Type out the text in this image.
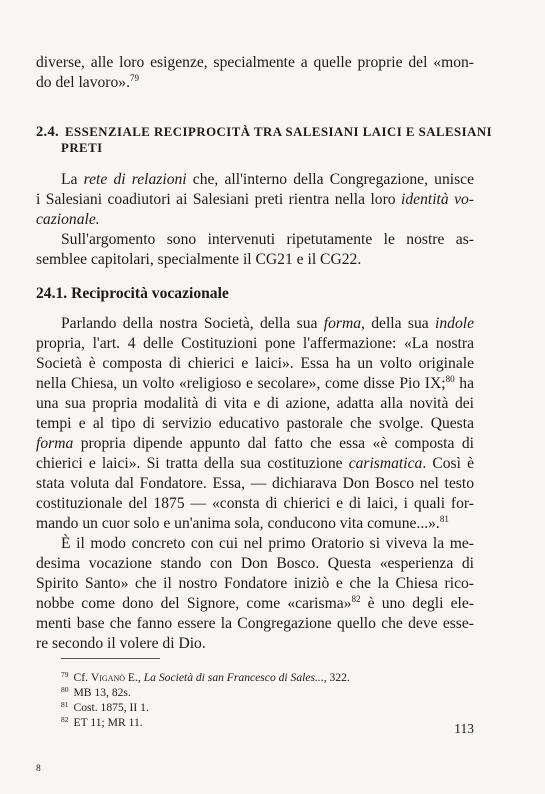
diverse, alle loro esigenze, specialmente a quelle proprie del «mon-
do del lavoro».$^{79}$
2.4. ESSENZIALE RECIPROCITÀ TRA SALESIANI LAICI E SALESIANI
PRETI
La rete di relazioni che, all'interno della Congregazione, unisce
i Salesiani coadiutori ai Salesiani preti rientra nella loro identità vo-
cazionale.
Sull'argomento sono intervenuti ripetutamente le nostre as-
semblee capitolari, specialmente il CG21 e il CG22.
24.1. Reciprocità vocazionale
Parlando della nostra Società, della sua forma, della sua indole
propria, l'art. 4 delle Costituzioni pone l'affermazione: «La nostra
Società è composta di chierici e laici». Essa ha un volto originale
nella Chiesa, un volto «religioso e secolare», come disse Pio IX;$^{80}$ ha
una sua propria modalità di vita e di azione, adatta alla novità dei
tempi e al tipo di servizio educativo pastorale che svolge. Questa
forma propria dipende appunto dal fatto che essa «è composta di
chierici e laici». Si tratta della sua costituzione carismatica. Così è
stata voluta dal Fondatore. Essa, — dichiarava Don Bosco nel testo
costituzionale del 1875 — «consta di chierici e di laici, i quali for-
mando un cuor solo e un'anima sola, conducono vita comune...».$^{81}$
È il modo concreto con cui nel primo Oratorio si viveva la me-
desima vocazione stando con Don Bosco. Questa «esperienza di
Spirito Santo» che il nostro Fondatore iniziò e che la Chiesa rico-
nobbe come dono del Signore, come «carisma»$^{82}$ è uno degli ele-
menti base che fanno essere la Congregazione quello che deve esse-
re secondo il volere di Dio.
$^{79}$ Cf. Viganò E., La Società di san Francesco di Sales..., 322.
$^{80}$ MB 13, 82s.
$^{81}$ Cost. 1875, II 1.
$^{82}$ ET 11; MR 11.	113
8
